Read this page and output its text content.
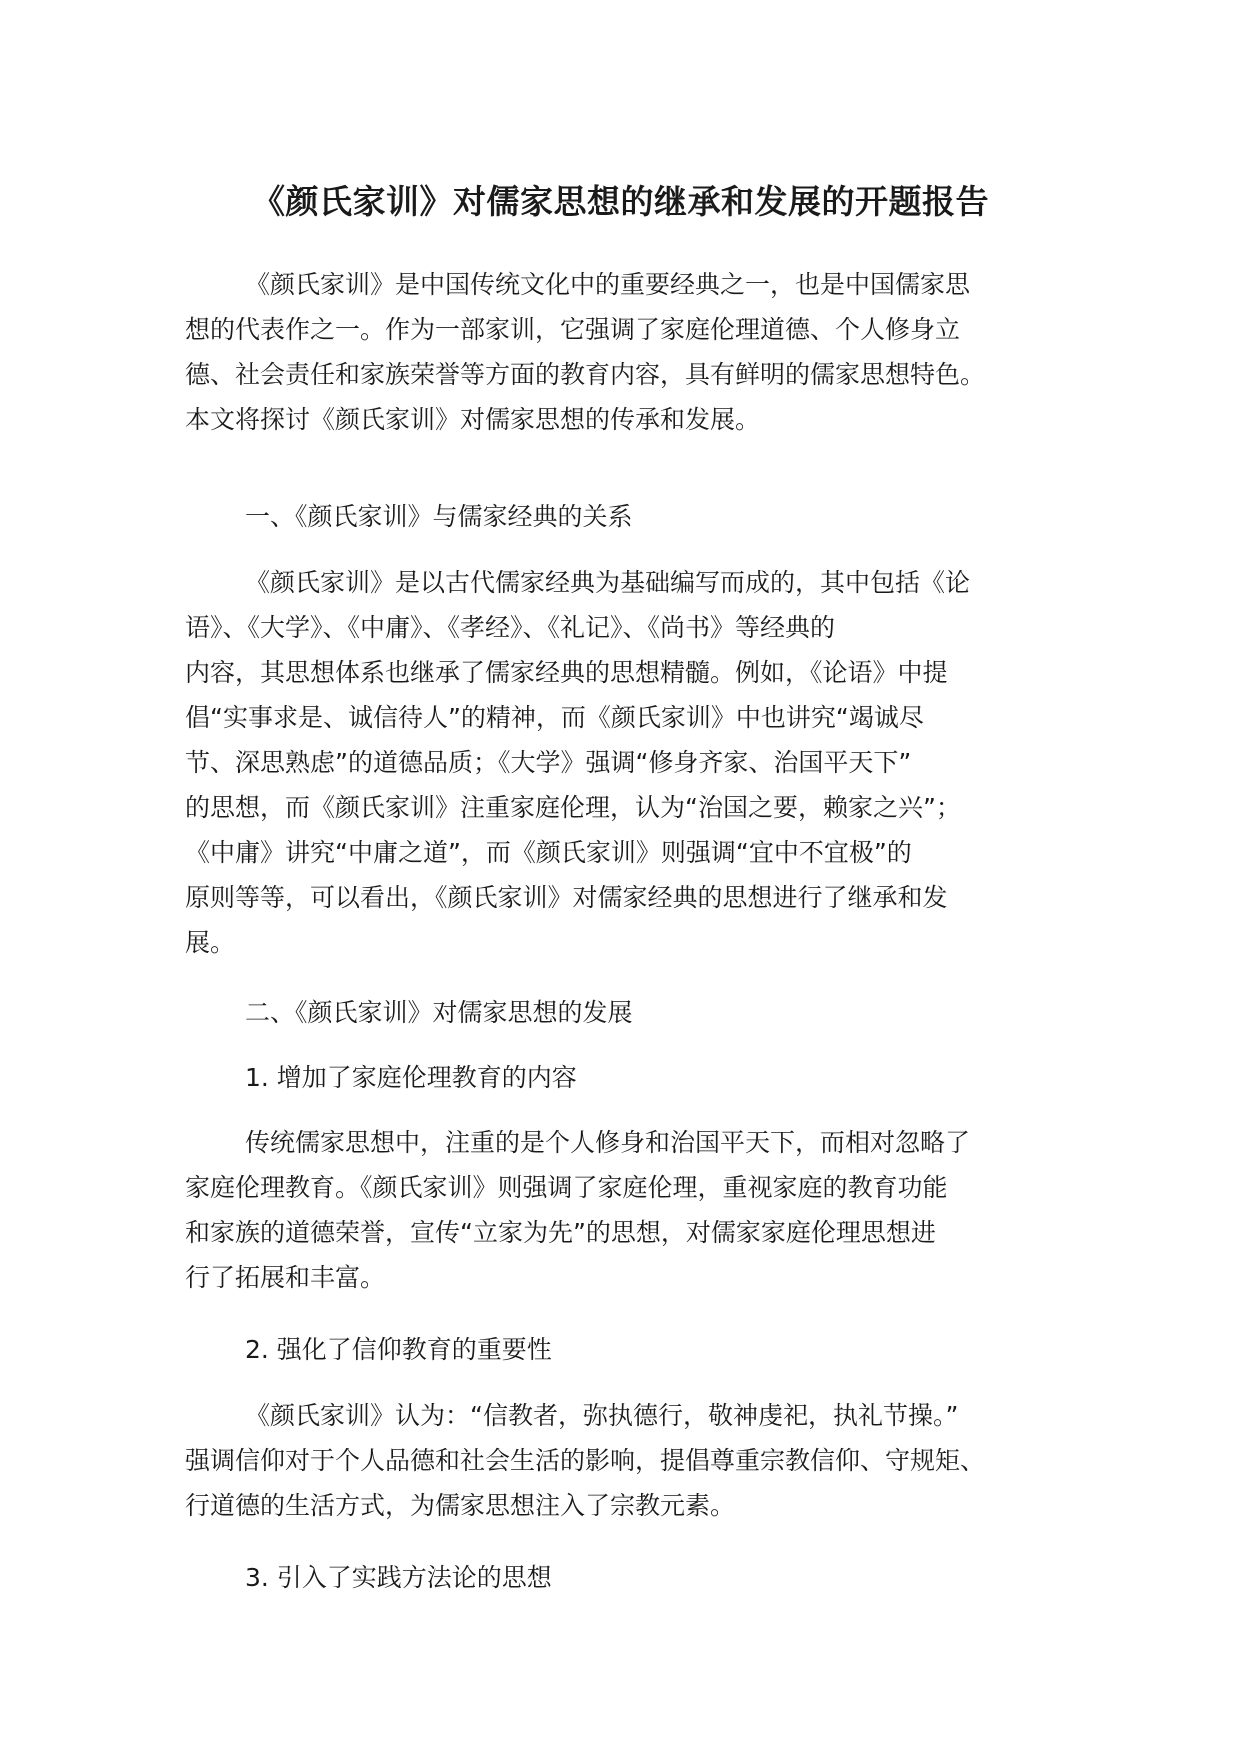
《颜氏家训》对儒家思想的继承和发展的开题报告
《颜氏家训》是中国传统文化中的重要经典之一，也是中国儒家思
想的代表作之一。作为一部家训，它强调了家庭伦理道德、个人修身立
德、社会责任和家族荣誉等方面的教育内容，具有鲜明的儒家思想特色。
本文将探讨《颜氏家训》对儒家思想的传承和发展。
一、《颜氏家训》与儒家经典的关系
《颜氏家训》是以古代儒家经典为基础编写而成的，其中包括《论
语》、《大学》、《中庸》、《孝经》、《礼记》、《尚书》等经典的
内容，其思想体系也继承了儒家经典的思想精髓。例如，《论语》中提
倡“实事求是、诚信待人”的精神，而《颜氏家训》中也讲究“竭诚尽
节、深思熟虑”的道德品质；《大学》强调“修身齐家、治国平天下”
的思想，而《颜氏家训》注重家庭伦理，认为“治国之要，赖家之兴”；
《中庸》讲究“中庸之道”，而《颜氏家训》则强调“宜中不宜极”的
原则等等，可以看出，《颜氏家训》对儒家经典的思想进行了继承和发
展。
二、《颜氏家训》对儒家思想的发展
1. 增加了家庭伦理教育的内容
传统儒家思想中，注重的是个人修身和治国平天下，而相对忽略了
家庭伦理教育。《颜氏家训》则强调了家庭伦理，重视家庭的教育功能
和家族的道德荣誉，宣传“立家为先”的思想，对儒家家庭伦理思想进
行了拓展和丰富。
2. 强化了信仰教育的重要性
《颜氏家训》认为：“信教者，弥执德行，敬神虔祀，执礼节操。”
强调信仰对于个人品德和社会生活的影响，提倡尊重宗教信仰、守规矩、
行道德的生活方式，为儒家思想注入了宗教元素。
3. 引入了实践方法论的思想
